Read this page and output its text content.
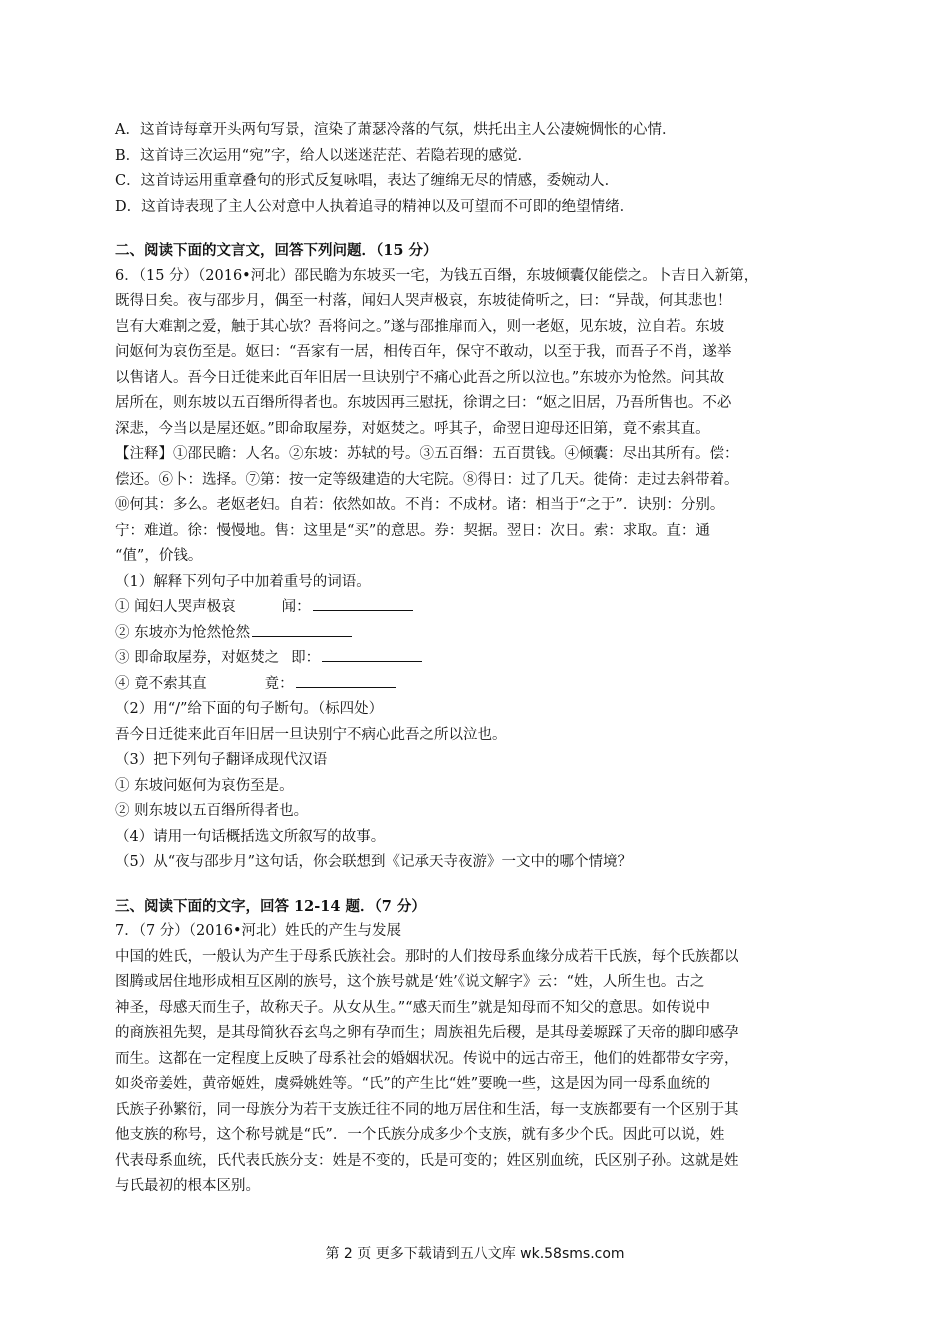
A．这首诗每章开头两句写景，渲染了萧瑟冷落的气氛，烘托出主人公凄婉惆怅的心情．
B．这首诗三次运用“宛”字，给人以迷迷茫茫、若隐若现的感觉．
C．这首诗运用重章叠句的形式反复咏唱，表达了缠绵无尽的情感，委婉动人．
D．这首诗表现了主人公对意中人执着追寻的精神以及可望而不可即的绝望情绪．
二、阅读下面的文言文，回答下列问题．（15 分）
6．（15 分）（2016•河北）邵民瞻为东坡买一宅，为钱五百缗，东坡倾囊仅能偿之。卜吉日入新第，
既得日矣。夜与邵步月，偶至一村落，闻妇人哭声极哀，东坡徒倚听之，曰：“异哉，何其悲也！
岂有大难割之爱，触于其心欤？吾将问之。”遂与邵推扉而入，则一老妪，见东坡，泣自若。东坡
问妪何为哀伤至是。妪曰：“吾家有一居，相传百年，保守不敢动，以至于我，而吾子不肖，遂举
以售诸人。吾今日迁徙来此百年旧居一旦诀别宁不痛心此吾之所以泣也。”东坡亦为怆然。问其故
居所在，则东坡以五百缗所得者也。东坡因再三慰抚，徐谓之曰：“妪之旧居，乃吾所售也。不必
深悲，今当以是屋还妪。”即命取屋券，对妪焚之。呼其子，命翌日迎母还旧第，竟不索其直。
【注释】①邵民瞻：人名。②东坡：苏轼的号。③五百缗：五百贯钱。④倾囊：尽出其所有。偿：
偿还。⑥卜：选择。⑦第：按一定等级建造的大宅院。⑧得日：过了几天。徙倚：走过去斜带着。
⑩何其：多么。老妪老妇。自若：依然如故。不肖：不成材。诸：相当于“之于”．诀别：分别。
宁：难道。徐：慢慢地。售：这里是“买”的意思。券：契据。翌日：次日。索：求取。直：通
“值”，价钱。
（1）解释下列句子中加着重号的词语。
① 闻妇人哭声极哀	闻：
② 东坡亦为怆然怆然
③ 即命取屋券，对妪焚之 即：
④ 竟不索其直	竟：
（2）用“/”给下面的句子断句。（标四处）
吾今日迁徙来此百年旧居一旦诀别宁不病心此吾之所以泣也。
（3）把下列句子翻译成现代汉语
① 东坡问妪何为哀伤至是。
② 则东坡以五百缗所得者也。
（4）请用一句话概括选文所叙写的故事。
（5）从“夜与邵步月”这句话，你会联想到《记承天寺夜游》一文中的哪个情境？
三、阅读下面的文字，回答 12-14 题．（7 分）
7．（7 分）（2016•河北）姓氏的产生与发展
中国的姓氏，一般认为产生于母系氏族社会。那时的人们按母系血缘分成若干氏族，每个氏族都以
图腾或居住地形成相互区剐的族号，这个族号就是‘姓’《说文解字》云：“姓，人所生也。古之
神圣，母感天而生子，故称天子。从女从生。”“感天而生”就是知母而不知父的意思。如传说中
的商族祖先契，是其母简狄吞玄鸟之卵有孕而生；周族祖先后稷，是其母姜塬踩了天帝的脚印感孕
而生。这都在一定程度上反映了母系社会的婚姻状况。传说中的远古帝王，他们的姓都带女字旁，
如炎帝姜姓，黄帝姬姓，虞舜姚姓等。“氏”的产生比“姓”要晚一些，这是因为同一母系血统的
氏族子孙繁衍，同一母族分为若干支族迁往不同的地万居住和生活，每一支族都要有一个区别于其
他支族的称号，这个称号就是“氏”．一个氏族分成多少个支族，就有多少个氏。因此可以说，姓
代表母系血统，氏代表氏族分支：姓是不变的，氏是可变的；姓区别血统，氏区别子孙。这就是姓
与氏最初的根本区别。
第 2 页 更多下载请到五八文库 wk.58sms.com
